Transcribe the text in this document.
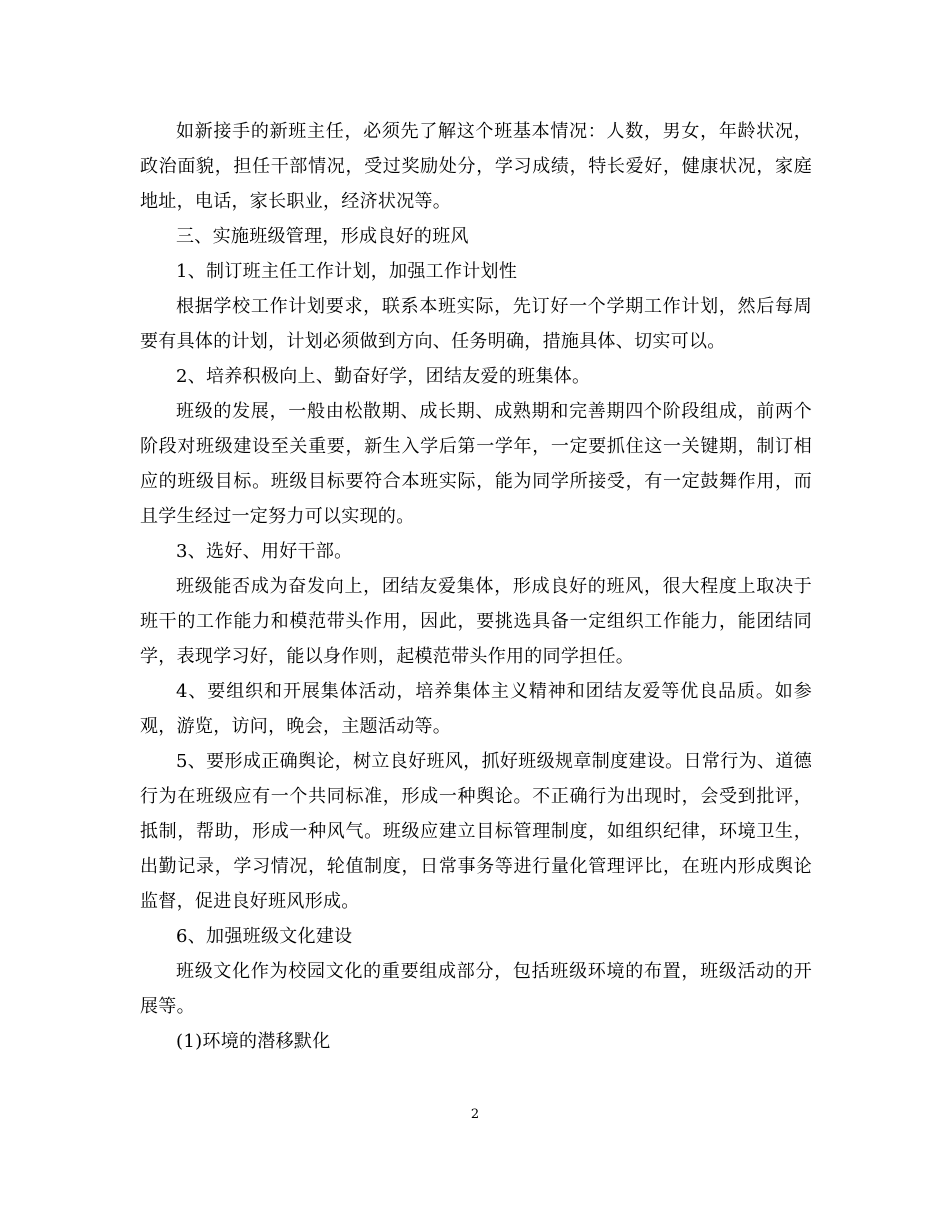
如新接手的新班主任，必须先了解这个班基本情况：人数，男女，年龄状况，政治面貌，担任干部情况，受过奖励处分，学习成绩，特长爱好，健康状况，家庭地址，电话，家长职业，经济状况等。

三、实施班级管理，形成良好的班风

1、制订班主任工作计划，加强工作计划性

根据学校工作计划要求，联系本班实际，先订好一个学期工作计划，然后每周要有具体的计划，计划必须做到方向、任务明确，措施具体、切实可以。

2、培养积极向上、勤奋好学，团结友爱的班集体。

班级的发展，一般由松散期、成长期、成熟期和完善期四个阶段组成，前两个阶段对班级建设至关重要，新生入学后第一学年，一定要抓住这一关键期，制订相应的班级目标。班级目标要符合本班实际，能为同学所接受，有一定鼓舞作用，而且学生经过一定努力可以实现的。

3、选好、用好干部。

班级能否成为奋发向上，团结友爱集体，形成良好的班风，很大程度上取决于班干的工作能力和模范带头作用，因此，要挑选具备一定组织工作能力，能团结同学，表现学习好，能以身作则，起模范带头作用的同学担任。

4、要组织和开展集体活动，培养集体主义精神和团结友爱等优良品质。如参观，游览，访问，晚会，主题活动等。

5、要形成正确舆论，树立良好班风，抓好班级规章制度建设。日常行为、道德行为在班级应有一个共同标准，形成一种舆论。不正确行为出现时，会受到批评，抵制，帮助，形成一种风气。班级应建立目标管理制度，如组织纪律，环境卫生，出勤记录，学习情况，轮值制度，日常事务等进行量化管理评比，在班内形成舆论监督，促进良好班风形成。

6、加强班级文化建设

班级文化作为校园文化的重要组成部分，包括班级环境的布置，班级活动的开展等。

(1)环境的潜移默化

2
